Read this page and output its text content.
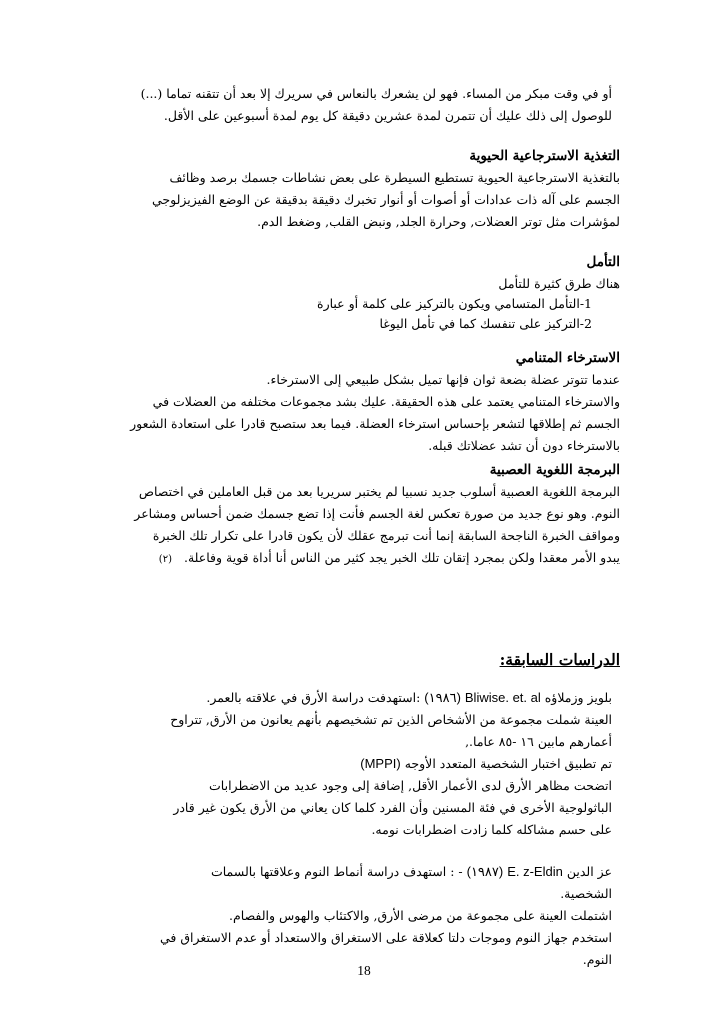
أو في وقت مبكر من المساء. فهو لن يشعرك بالنعاس في سريرك إلا بعد أن تتقنه تماما (...)
للوصول إلى ذلك عليك أن تتمرن لمدة عشرين دقيقة كل يوم لمدة أسبوعين على الأقل.
التغذية الاسترجاعية الحيوية
بالتغذية الاسترجاعية الحيوية تستطيع السيطرة على بعض نشاطات جسمك برصد وظائف
الجسم على آله ذات عدادات أو أصوات أو أنوار تخبرك دقيقة بدقيقة عن الوضع الفيزيزلوجي
لمؤشرات مثل توتر العضلات, وحرارة الجلد, ونبض القلب, وضغط الدم.
التأمل
هناك طرق كثيرة للتأمل
1-التأمل المتسامي ويكون بالتركيز على كلمة أو عبارة
2-التركيز على تنفسك كما في تأمل اليوغا
الاسترخاء المتنامي
عندما تتوتر عضلة بضعة ثوان فإنها تميل بشكل طبيعي إلى الاسترخاء.
والاسترخاء المتنامي يعتمد على هذه الحقيقة. عليك بشد مجموعات مختلفه من العضلات في
الجسم ثم إطلاقها لتشعر بإحساس استرخاء العضلة. فيما بعد ستصبح قادرا على استعادة الشعور
بالاسترخاء دون أن تشد عضلاتك قبله.
البرمجة اللغوية العصبية
البرمجة اللغوية العصبية أسلوب جديد نسبيا لم يختبر سريريا بعد من قبل العاملين في اختصاص
النوم. وهو نوع جديد من صورة تعكس لغة الجسم فأنت إذا تضع جسمك ضمن أحساس ومشاعر
ومواقف الخبرة الناجحة السابقة إنما أنت تبرمج عقلك لأن يكون قادرا على تكرار تلك الخبرة
يبدو الأمر معقدا ولكن بمجرد إتقان تلك الخبر يجد كثير من الناس أنا أداة قوية وفاعلة. (٢)
الدراسات السابقة:
بلويز وزملاؤه Bliwise. et. al (١٩٨٦) :استهدفت دراسة الأرق في علاقته بالعمر.
العينة شملت مجموعة من الأشخاص الذين تم تشخيصهم بأنهم يعانون من الأرق, تتراوح
أعمارهم مابين ١٦ -٨٥ عاما.,
تم تطبيق اختبار الشخصية المتعدد الأوجه (MPPI)
اتضحت مظاهر الأرق لدى الأعمار الأقل, إضافة إلى وجود عديد من الاضطرابات
الباثولوجية الأخرى في فئة المسنين وأن الفرد كلما كان يعاني من الأرق يكون غير قادر
على حسم مشاكله كلما زادت اضطرابات نومه.
عز الدين E. z-Eldin (١٩٨٧) - : استهدف دراسة أنماط النوم وعلاقتها بالسمات
الشخصية.
اشتملت العينة على مجموعة من مرضى الأرق, والاكتئاب والهوس والفصام.
استخدم جهاز النوم وموجات دلتا كعلاقة على الاستغراق والاستعداد أو عدم الاستغراق في
النوم.
18
